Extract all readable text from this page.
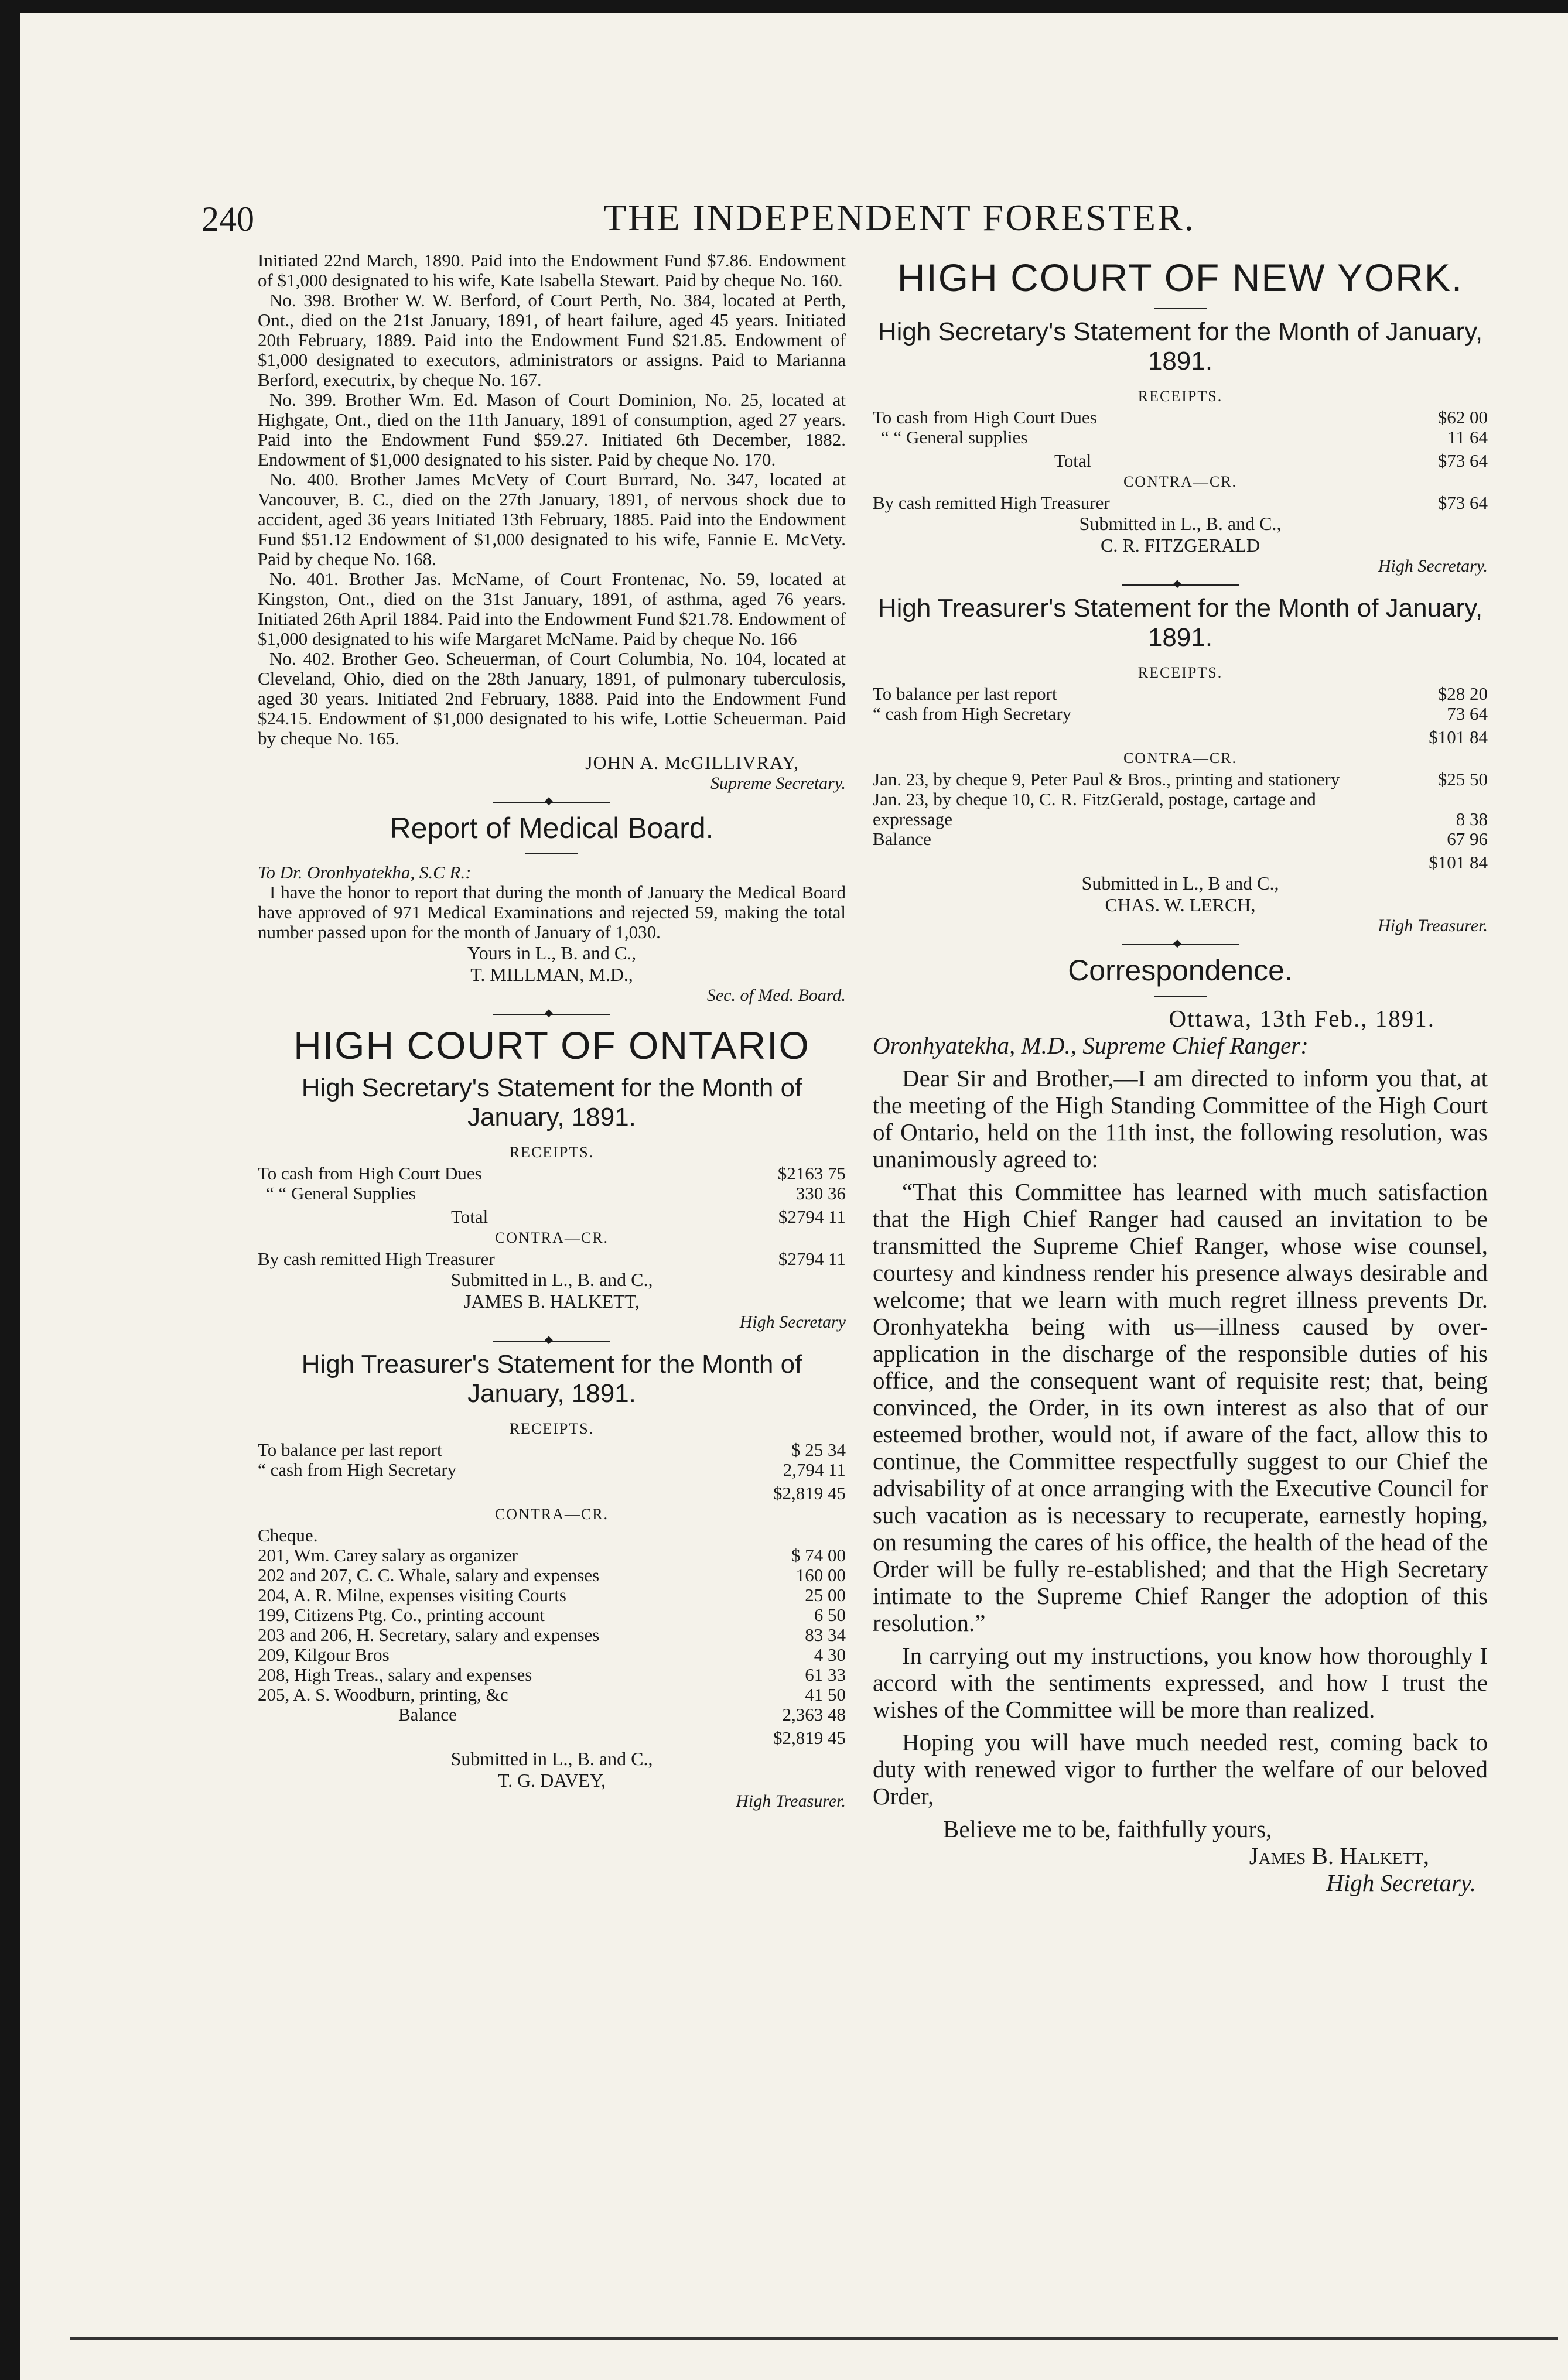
240	THE INDEPENDENT FORESTER.

Initiated 22nd March, 1890. Paid into the Endowment Fund $7.86. Endowment of $1,000 designated to his wife, Kate Isabella Stewart. Paid by cheque No. 160.

No. 398. Brother W. W. Berford, of Court Perth, No. 384, located at Perth, Ont., died on the 21st January, 1891, of heart failure, aged 45 years. Initiated 20th February, 1889. Paid into the Endowment Fund $21.85. Endowment of $1,000 designated to executors, administrators or assigns. Paid to Marianna Berford, executrix, by cheque No. 167.

No. 399. Brother Wm. Ed. Mason of Court Dominion, No. 25, located at Highgate, Ont., died on the 11th January, 1891 of consumption, aged 27 years. Paid into the Endowment Fund $59.27. Initiated 6th December, 1882. Endowment of $1,000 designated to his sister. Paid by cheque No. 170.

No. 400. Brother James McVety of Court Burrard, No. 347, located at Vancouver, B. C., died on the 27th January, 1891, of nervous shock due to accident, aged 36 years Initiated 13th February, 1885. Paid into the Endowment Fund $51.12 Endowment of $1,000 designated to his wife, Fannie E. McVety. Paid by cheque No. 168.

No. 401. Brother Jas. McName, of Court Frontenac, No. 59, located at Kingston, Ont., died on the 31st January, 1891, of asthma, aged 76 years. Initiated 26th April 1884. Paid into the Endowment Fund $21.78. Endowment of $1,000 designated to his wife Margaret McName. Paid by cheque No. 166

No. 402. Brother Geo. Scheuerman, of Court Columbia, No. 104, located at Cleveland, Ohio, died on the 28th January, 1891, of pulmonary tuberculosis, aged 30 years. Initiated 2nd February, 1888. Paid into the Endowment Fund $24.15. Endowment of $1,000 designated to his wife, Lottie Scheuerman. Paid by cheque No. 165.

JOHN A. McGILLIVRAY,
Supreme Secretary.
◆
Report of Medical Board.

To Dr. Oronhyatekha, S.C R.:

I have the honor to report that during the month of January the Medical Board have approved of 971 Medical Examinations and rejected 59, making the total number passed upon for the month of January of 1,030.

Yours in L., B. and C.,
T. MILLMAN, M.D.,
Sec. of Med. Board.
◆
HIGH COURT OF ONTARIO
High Secretary's Statement for the Month of January, 1891.
RECEIPTS.
To cash from High Court Dues	$2163 75
“ “ General Supplies	330 36
Total	$2794 11
CONTRA—CR.
By cash remitted High Treasurer	$2794 11
Submitted in L., B. and C.,
JAMES B. HALKETT,
High Secretary
◆
High Treasurer's Statement for the Month of January, 1891.
RECEIPTS.
To balance per last report	$ 25 34
“ cash from High Secretary	2,794 11
	$2,819 45
CONTRA—CR.
Cheque.
201, Wm. Carey salary as organizer	$ 74 00
202 and 207, C. C. Whale, salary and expenses	160 00
204, A. R. Milne, expenses visiting Courts	25 00
199, Citizens Ptg. Co., printing account	6 50
203 and 206, H. Secretary, salary and expenses	83 34
209, Kilgour Bros	4 30
208, High Treas., salary and expenses	61 33
205, A. S. Woodburn, printing, &c	41 50
Balance	2,363 48
	$2,819 45
Submitted in L., B. and C.,
T. G. DAVEY,
High Treasurer.
HIGH COURT OF NEW YORK.
High Secretary's Statement for the Month of January, 1891.
RECEIPTS.
To cash from High Court Dues	$62 00
“ “ General supplies	11 64
Total	$73 64
CONTRA—CR.
By cash remitted High Treasurer	$73 64
Submitted in L., B. and C.,
C. R. FITZGERALD
High Secretary.
◆
High Treasurer's Statement for the Month of January, 1891.
RECEIPTS.
To balance per last report	$28 20
“ cash from High Secretary	73 64
	$101 84
CONTRA—CR.
Jan. 23, by cheque 9, Peter Paul & Bros., printing and stationery	$25 50
Jan. 23, by cheque 10, C. R. FitzGerald, postage, cartage and expressage	8 38
Balance	67 96
	$101 84
Submitted in L., B and C.,
CHAS. W. LERCH,
High Treasurer.
◆
Correspondence.
Ottawa, 13th Feb., 1891.
Oronhyatekha, M.D., Supreme Chief Ranger:

Dear Sir and Brother,—I am directed to inform you that, at the meeting of the High Standing Committee of the High Court of Ontario, held on the 11th inst, the following resolution, was unanimously agreed to:

“That this Committee has learned with much satisfaction that the High Chief Ranger had caused an invitation to be transmitted the Supreme Chief Ranger, whose wise counsel, courtesy and kindness render his presence always desirable and welcome; that we learn with much regret illness prevents Dr. Oronhyatekha being with us—illness caused by over-application in the discharge of the responsible duties of his office, and the consequent want of requisite rest; that, being convinced, the Order, in its own interest as also that of our esteemed brother, would not, if aware of the fact, allow this to continue, the Committee respectfully suggest to our Chief the advisability of at once arranging with the Executive Council for such vacation as is necessary to recuperate, earnestly hoping, on resuming the cares of his office, the health of the head of the Order will be fully re-established; and that the High Secretary intimate to the Supreme Chief Ranger the adoption of this resolution.”

In carrying out my instructions, you know how thoroughly I accord with the sentiments expressed, and how I trust the wishes of the Committee will be more than realized.

Hoping you will have much needed rest, coming back to duty with renewed vigor to further the welfare of our beloved Order,

Believe me to be, faithfully yours,
James B. Halkett,
High Secretary.
